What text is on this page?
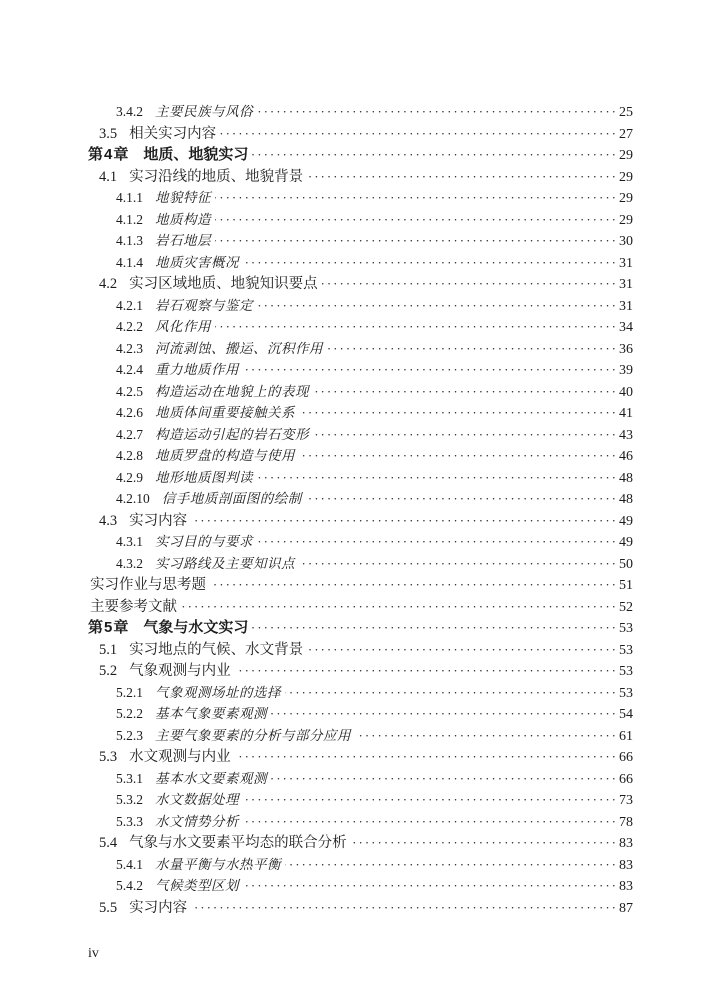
3.4.2 主要民族与风俗 ·····	25
3.5 相关实习内容 ·····	27
第4章 地质、地貌实习 ·····	29
4.1 实习沿线的地质、地貌背景 ·····	29
4.1.1 地貌特征 ·····	29
4.1.2 地质构造 ·····	29
4.1.3 岩石地层 ·····	30
4.1.4 地质灾害概况 ·····	31
4.2 实习区域地质、地貌知识要点 ·····	31
4.2.1 岩石观察与鉴定 ·····	31
4.2.2 风化作用 ·····	34
4.2.3 河流剥蚀、搬运、沉积作用 ·····	36
4.2.4 重力地质作用 ·····	39
4.2.5 构造运动在地貌上的表现 ·····	40
4.2.6 地质体间重要接触关系 ·····	41
4.2.7 构造运动引起的岩石变形 ·····	43
4.2.8 地质罗盘的构造与使用 ·····	46
4.2.9 地形地质图判读 ·····	48
4.2.10 信手地质剖面图的绘制 ·····	48
4.3 实习内容 ·····	49
4.3.1 实习目的与要求 ·····	49
4.3.2 实习路线及主要知识点 ·····	50
实习作业与思考题 ·····	51
主要参考文献 ·····	52
第5章 气象与水文实习 ·····	53
5.1 实习地点的气候、水文背景 ·····	53
5.2 气象观测与内业 ·····	53
5.2.1 气象观测场址的选择 ·····	53
5.2.2 基本气象要素观测 ·····	54
5.2.3 主要气象要素的分析与部分应用 ·····	61
5.3 水文观测与内业 ·····	66
5.3.1 基本水文要素观测 ·····	66
5.3.2 水文数据处理 ·····	73
5.3.3 水文情势分析 ·····	78
5.4 气象与水文要素平均态的联合分析 ·····	83
5.4.1 水量平衡与水热平衡 ·····	83
5.4.2 气候类型区划 ·····	83
5.5 实习内容 ·····	87
iv
